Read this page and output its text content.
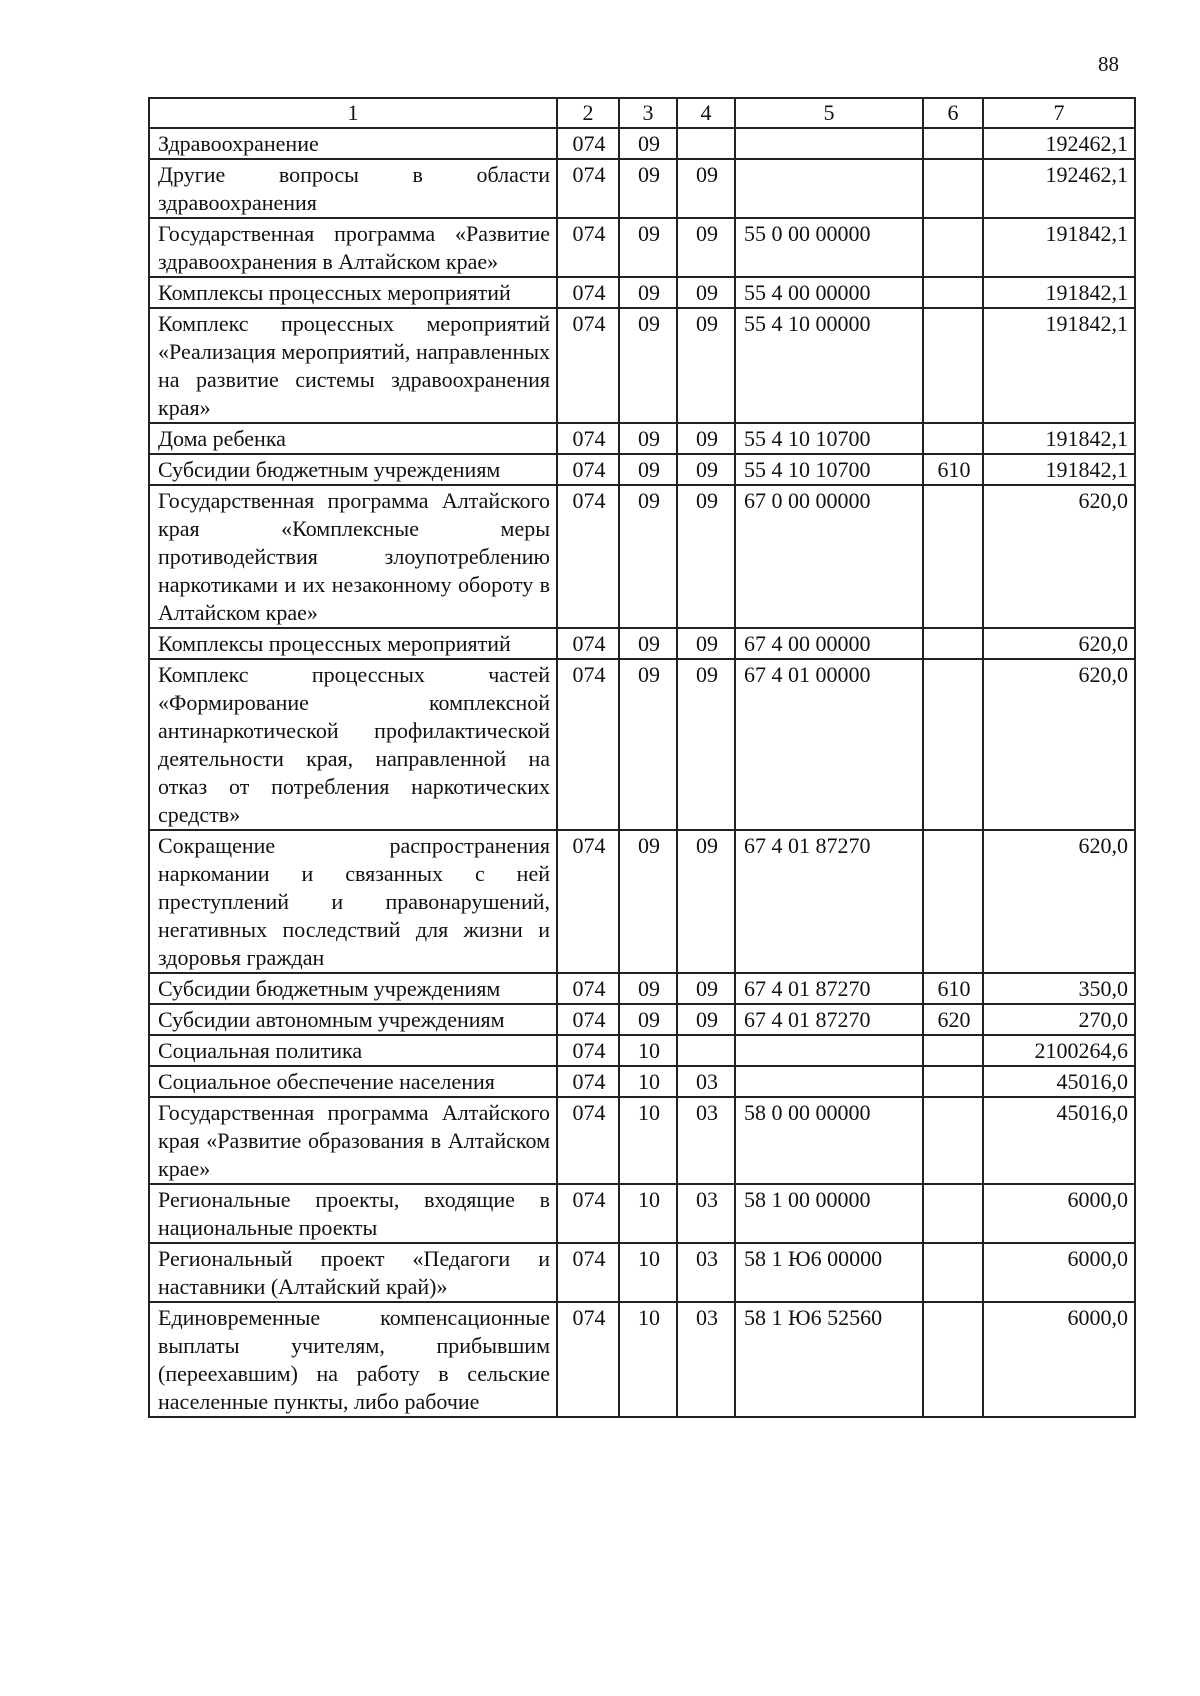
88
1	2	3	4	5	6	7
Здравоохранение	074	09				192462,1
Другие вопросы в области здравоохранения	074	09	09			192462,1
Государственная программа «Развитие здравоохранения в Алтайском крае»	074	09	09	55 0 00 00000		191842,1
Комплексы процессных мероприятий	074	09	09	55 4 00 00000		191842,1
Комплекс процессных мероприятий «Реализация мероприятий, направленных на развитие системы здравоохранения края»	074	09	09	55 4 10 00000		191842,1
Дома ребенка	074	09	09	55 4 10 10700		191842,1
Субсидии бюджетным учреждениям	074	09	09	55 4 10 10700	610	191842,1
Государственная программа Алтайского края «Комплексные меры противодействия злоупотреблению наркотиками и их незаконному обороту в Алтайском крае»	074	09	09	67 0 00 00000		620,0
Комплексы процессных мероприятий	074	09	09	67 4 00 00000		620,0
Комплекс процессных частей «Формирование комплексной антинаркотической профилактической деятельности края, направленной на отказ от потребления наркотических средств»	074	09	09	67 4 01 00000		620,0
Сокращение распространения наркомании и связанных с ней преступлений и правонарушений, негативных последствий для жизни и здоровья граждан	074	09	09	67 4 01 87270		620,0
Субсидии бюджетным учреждениям	074	09	09	67 4 01 87270	610	350,0
Субсидии автономным учреждениям	074	09	09	67 4 01 87270	620	270,0
Социальная политика	074	10				2100264,6
Социальное обеспечение населения	074	10	03			45016,0
Государственная программа Алтайского края «Развитие образования в Алтайском крае»	074	10	03	58 0 00 00000		45016,0
Региональные проекты, входящие в национальные проекты	074	10	03	58 1 00 00000		6000,0
Региональный проект «Педагоги и наставники (Алтайский край)»	074	10	03	58 1 Ю6 00000		6000,0
Единовременные компенсационные выплаты учителям, прибывшим (переехавшим) на работу в сельские населенные пункты, либо рабочие	074	10	03	58 1 Ю6 52560		6000,0
